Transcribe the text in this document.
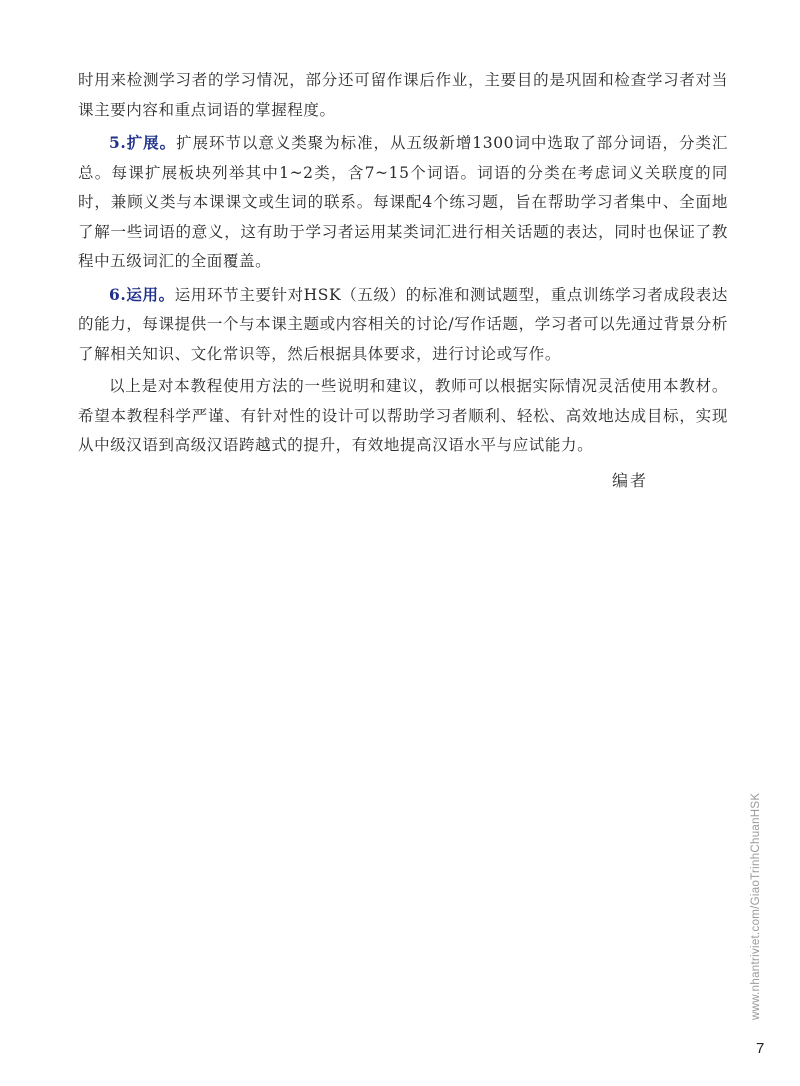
时用来检测学习者的学习情况，部分还可留作课后作业，主要目的是巩固和检查学习者对当课主要内容和重点词语的掌握程度。

5.扩展。扩展环节以意义类聚为标准，从五级新增1300词中选取了部分词语，分类汇总。每课扩展板块列举其中1~2类，含7~15个词语。词语的分类在考虑词义关联度的同时，兼顾义类与本课课文或生词的联系。每课配4个练习题，旨在帮助学习者集中、全面地了解一些词语的意义，这有助于学习者运用某类词汇进行相关话题的表达，同时也保证了教程中五级词汇的全面覆盖。

6.运用。运用环节主要针对HSK（五级）的标准和测试题型，重点训练学习者成段表达的能力，每课提供一个与本课主题或内容相关的讨论/写作话题，学习者可以先通过背景分析了解相关知识、文化常识等，然后根据具体要求，进行讨论或写作。

以上是对本教程使用方法的一些说明和建议，教师可以根据实际情况灵活使用本教材。希望本教程科学严谨、有针对性的设计可以帮助学习者顺利、轻松、高效地达成目标，实现从中级汉语到高级汉语跨越式的提升，有效地提高汉语水平与应试能力。

编者
www.nhantriviet.com/GiaoTrinhChuanHSK
7
